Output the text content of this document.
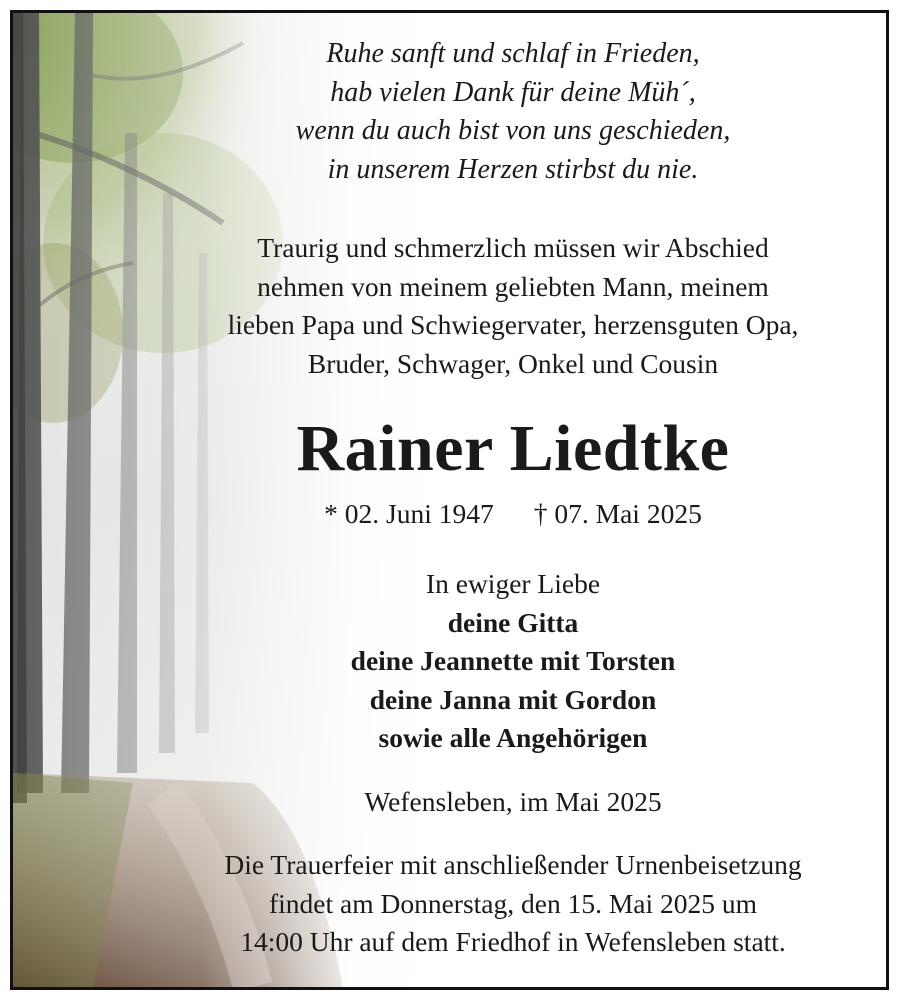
Ruhe sanft und schlaf in Frieden,
hab vielen Dank für deine Müh´,
wenn du auch bist von uns geschieden,
in unserem Herzen stirbst du nie.
Traurig und schmerzlich müssen wir Abschied
nehmen von meinem geliebten Mann, meinem
lieben Papa und Schwiegervater, herzensguten Opa,
Bruder, Schwager, Onkel und Cousin
Rainer Liedtke
* 02. Juni 1947 † 07. Mai 2025
In ewiger Liebe
deine Gitta
deine Jeannette mit Torsten
deine Janna mit Gordon
sowie alle Angehörigen
Wefensleben, im Mai 2025
Die Trauerfeier mit anschließender Urnenbeisetzung
findet am Donnerstag, den 15. Mai 2025 um
14:00 Uhr auf dem Friedhof in Wefensleben statt.
